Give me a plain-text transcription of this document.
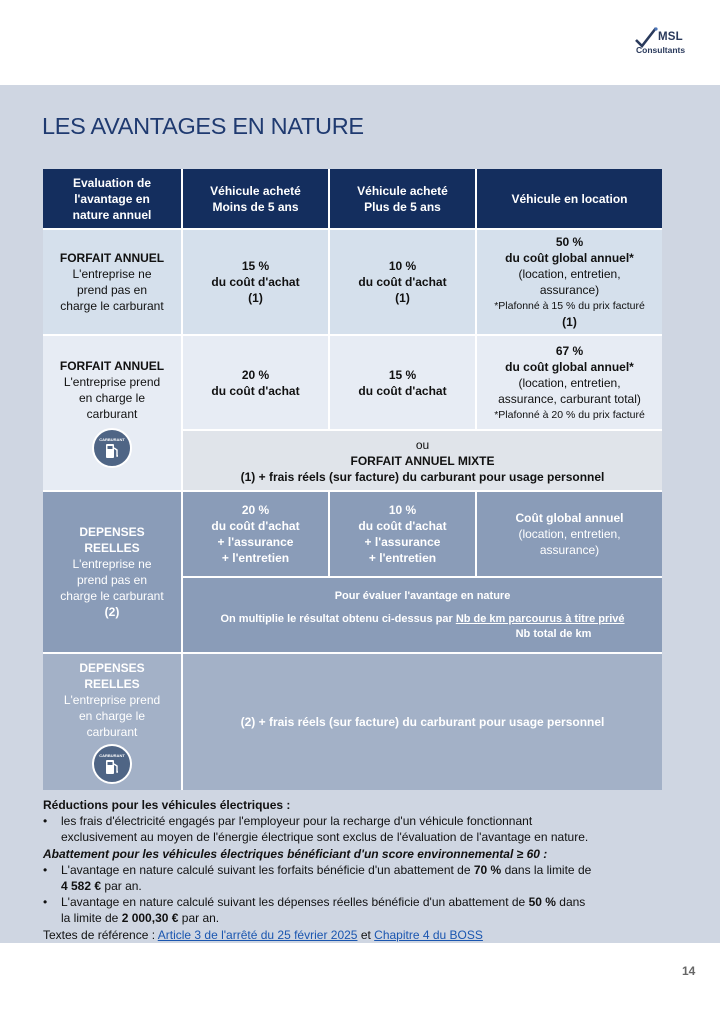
MSL
Consultants
LES AVANTAGES EN NATURE
Evaluation de
l'avantage en
nature annuel
Véhicule acheté
Moins de 5 ans
Véhicule acheté
Plus de 5 ans
Véhicule en location
FORFAIT ANNUEL
L'entreprise ne
prend pas en
charge le carburant
15 %
du coût d'achat
(1)
10 %
du coût d'achat
(1)
50 %
du coût global annuel*
(location, entretien,
assurance)
*Plafonné à 15 % du prix facturé
(1)
FORFAIT ANNUEL
L'entreprise prend
en charge le
carburant
CARBURANT
20 %
du coût d'achat
15 %
du coût d'achat
67 %
du coût global annuel*
(location, entretien,
assurance, carburant total)
*Plafonné à 20 % du prix facturé
ou
FORFAIT ANNUEL MIXTE
(1) + frais réels (sur facture) du carburant pour usage personnel
DEPENSES
REELLES
L'entreprise ne
prend pas en
charge le carburant
(2)
20 %
du coût d'achat
+ l'assurance
+ l'entretien
10 %
du coût d'achat
+ l'assurance
+ l'entretien
Coût global annuel
(location, entretien,
assurance)
Pour évaluer l'avantage en nature
On multiplie le résultat obtenu ci-dessus par Nb de km parcourus à titre privé
Nb total de km
DEPENSES
REELLES
L'entreprise prend
en charge le
carburant
CARBURANT
(2) + frais réels (sur facture) du carburant pour usage personnel
Réductions pour les véhicules électriques :
• les frais d'électricité engagés par l'employeur pour la recharge d'un véhicule fonctionnant
exclusivement au moyen de l'énergie électrique sont exclus de l'évaluation de l'avantage en nature.
Abattement pour les véhicules électriques bénéficiant d'un score environnemental ≥ 60 :
• L'avantage en nature calculé suivant les forfaits bénéficie d'un abattement de 70 % dans la limite de
4 582 € par an.
• L'avantage en nature calculé suivant les dépenses réelles bénéficie d'un abattement de 50 % dans
la limite de 2 000,30 € par an.
Textes de référence : Article 3 de l'arrêté du 25 février 2025 et Chapitre 4 du BOSS
14
